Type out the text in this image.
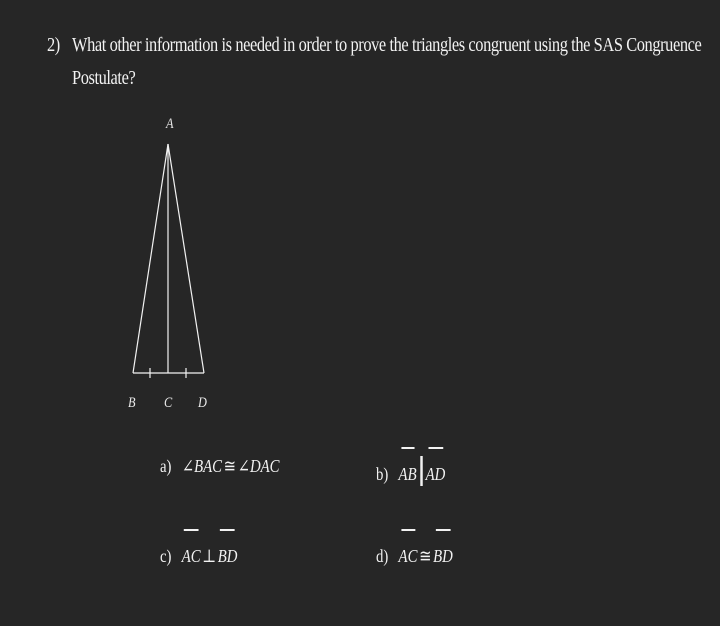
2) What other information is needed in order to prove the triangles congruent using the SAS Congruence
Postulate?
A
B C D
a) ∠BAC≅∠DAC	b) AB AD
c) AC⊥BD	d) AC≅BD
